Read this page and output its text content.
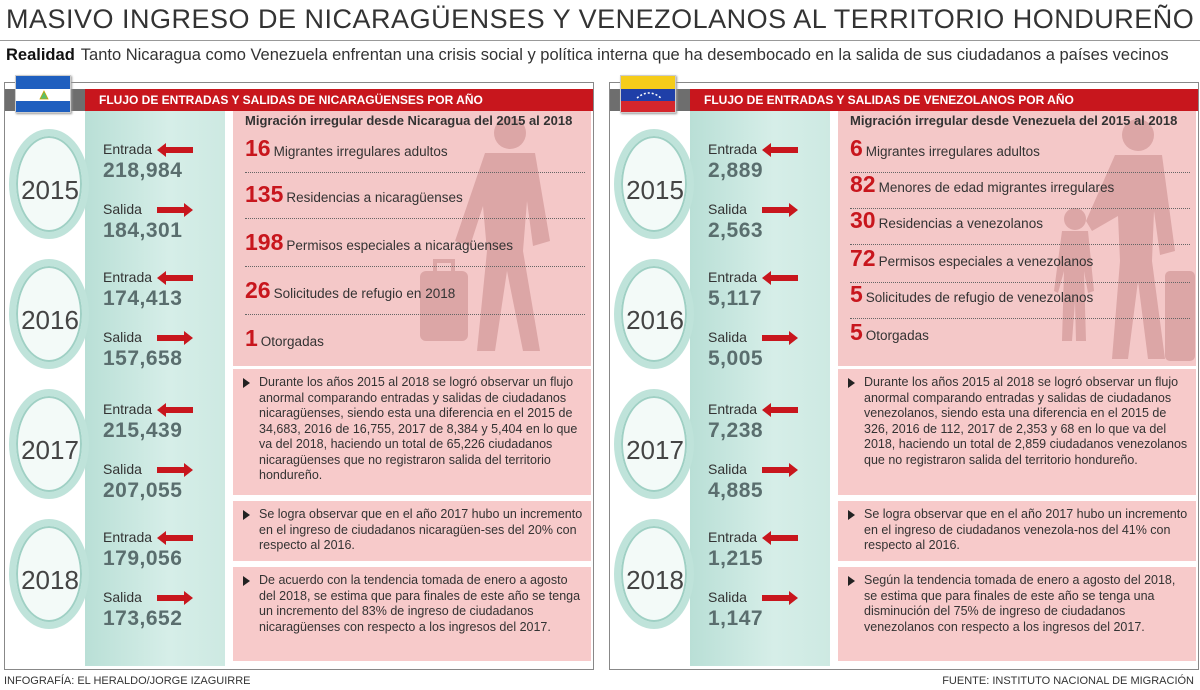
MASIVO INGRESO DE NICARAGÜENSES Y VENEZOLANOS AL TERRITORIO HONDUREÑO
Realidad Tanto Nicaragua como Venezuela enfrentan una crisis social y política interna que ha desembocado en la salida de sus ciudadanos a países vecinos
FLUJO DE ENTRADAS Y SALIDAS DE NICARAGÜENSES POR AÑO
2015
2016
2017
2018
Entrada
218,984
Salida
184,301
Entrada
174,413
Salida
157,658
Entrada
215,439
Salida
207,055
Entrada
179,056
Salida
173,652
Migración irregular desde Nicaragua del 2015 al 2018
16 Migrantes irregulares adultos
135 Residencias a nicaragüenses
198 Permisos especiales a nicaragüenses
26 Solicitudes de refugio en 2018
1 Otorgadas
Durante los años 2015 al 2018 se logró observar un flujo anormal comparando entradas y salidas de ciudadanos nicaragüenses, siendo esta una diferencia en el 2015 de 34,683, 2016 de 16,755, 2017 de 8,384 y 5,404 en lo que va del 2018, haciendo un total de 65,226 ciudadanos nicaragüenses que no registraron salida del territorio hondureño.
Se logra observar que en el año 2017 hubo un incremento en el ingreso de ciudadanos nicaragüen-ses del 20% con respecto al 2016.
De acuerdo con la tendencia tomada de enero a agosto del 2018, se estima que para finales de este año se tenga un incremento del 83% de ingreso de ciudadanos nicaragüenses con respecto a los ingresos del 2017.
FLUJO DE ENTRADAS Y SALIDAS DE VENEZOLANOS POR AÑO
2015
2016
2017
2018
Entrada
2,889
Salida
2,563
Entrada
5,117
Salida
5,005
Entrada
7,238
Salida
4,885
Entrada
1,215
Salida
1,147
Migración irregular desde Venezuela del 2015 al 2018
6 Migrantes irregulares adultos
82 Menores de edad migrantes irregulares
30 Residencias a venezolanos
72 Permisos especiales a venezolanos
5 Solicitudes de refugio de venezolanos
5 Otorgadas
Durante los años 2015 al 2018 se logró observar un flujo anormal comparando entradas y salidas de ciudadanos venezolanos, siendo esta una diferencia en el 2015 de 326, 2016 de 112, 2017 de 2,353 y 68 en lo que va del 2018, haciendo un total de 2,859 ciudadanos venezolanos que no registraron salida del territorio hondureño.
Se logra observar que en el año 2017 hubo un incremento en el ingreso de ciudadanos venezola-nos del 41% con respecto al 2016.
Según la tendencia tomada de enero a agosto del 2018, se estima que para finales de este año se tenga una disminución del 75% de ingreso de ciudadanos venezolanos con respecto a los ingresos del 2017.
INFOGRAFÍA: EL HERALDO/JORGE IZAGUIRRE	FUENTE: INSTITUTO NACIONAL DE MIGRACIÓN
